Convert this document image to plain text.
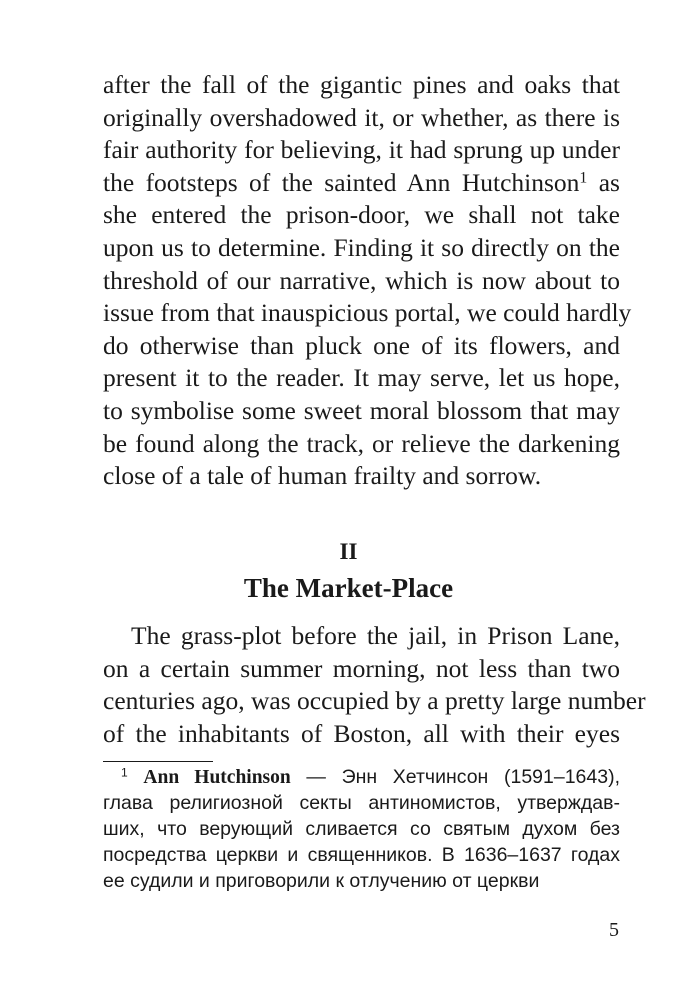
after the fall of the gigantic pines and oaks that
originally overshadowed it, or whether, as there is
fair authority for believing, it had sprung up under
the footsteps of the sainted Ann Hutchinson$^1$ as
she entered the prison-door, we shall not take
upon us to determine. Finding it so directly on the
threshold of our narrative, which is now about to
issue from that inauspicious portal, we could hardly
do otherwise than pluck one of its flowers, and
present it to the reader. It may serve, let us hope,
to symbolise some sweet moral blossom that may
be found along the track, or relieve the darkening
close of a tale of human frailty and sorrow.
II
The Market-Place
The grass-plot before the jail, in Prison Lane,
on a certain summer morning, not less than two
centuries ago, was occupied by a pretty large number
of the inhabitants of Boston, all with their eyes
$^1$ Ann Hutchinson — Энн Хетчинсон (1591–1643),
глава религиозной секты антиномистов, утверждав-
ших, что верующий сливается со святым духом без
посредства церкви и священников. В 1636–1637 годах
ее судили и приговорили к отлучению от церкви
5
